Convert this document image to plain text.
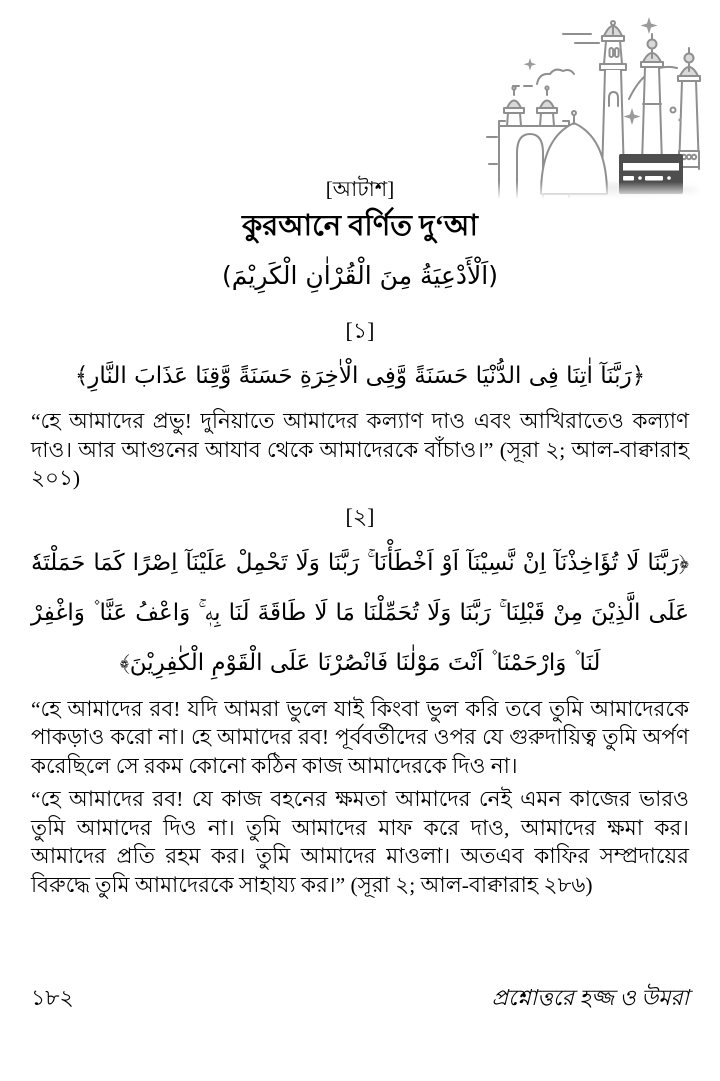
[আটাশ]
কুরআনে বর্ণিত দু‘আ
(اَلْأَدْعِيَةُ مِنَ الْقُرْاٰنِ الْكَرِيْمَ)
[১]
﴿رَبَّنَآ اٰتِنَا فِى الدُّنْيَا حَسَنَةً وَّفِى الْاٰخِرَةِ حَسَنَةً وَّقِنَا عَذَابَ النَّارِ﴾

“হে আমাদের প্রভু! দুনিয়াতে আমাদের কল্যাণ দাও এবং আখিরাতেও কল্যাণ দাও। আর আগুনের আযাব থেকে আমাদেরকে বাঁচাও।” (সূরা ২; আল-বাক্বারাহ ২০১)

[২]
﴿رَبَّنَا لَا تُؤَاخِذْنَآ اِنْ نَّسِيْنَآ اَوْ اَخْطَأْنَا ۚ رَبَّنَا وَلَا تَحْمِلْ عَلَيْنَآ اِصْرًا كَمَا حَمَلْتَهٗ عَلَى الَّذِيْنَ مِنْ قَبْلِنَا ۚ رَبَّنَا وَلَا تُحَمِّلْنَا مَا لَا طَاقَةَ لَنَا بِهٖ ۚ وَاعْفُ عَنَّا ۫ وَاغْفِرْ لَنَا ۫ وَارْحَمْنَا ۫ اَنْتَ مَوْلٰنَا فَانْصُرْنَا عَلَى الْقَوْمِ الْكٰفِرِيْنَ﴾

“হে আমাদের রব! যদি আমরা ভুলে যাই কিংবা ভুল করি তবে তুমি আমাদেরকে পাকড়াও করো না। হে আমাদের রব! পূর্ববর্তীদের ওপর যে গুরুদায়িত্ব তুমি অর্পণ করেছিলে সে রকম কোনো কঠিন কাজ আমাদেরকে দিও না।

“হে আমাদের রব! যে কাজ বহনের ক্ষমতা আমাদের নেই এমন কাজের ভারও তুমি আমাদের দিও না। তুমি আমাদের মাফ করে দাও, আমাদের ক্ষমা কর। আমাদের প্রতি রহম কর। তুমি আমাদের মাওলা। অতএব কাফির সম্প্রদায়ের বিরুদ্ধে তুমি আমাদেরকে সাহায্য কর।” (সূরা ২; আল-বাক্বারাহ ২৮৬)

১৮২	প্রশ্নোত্তরে হজ্জ ও উমরা
